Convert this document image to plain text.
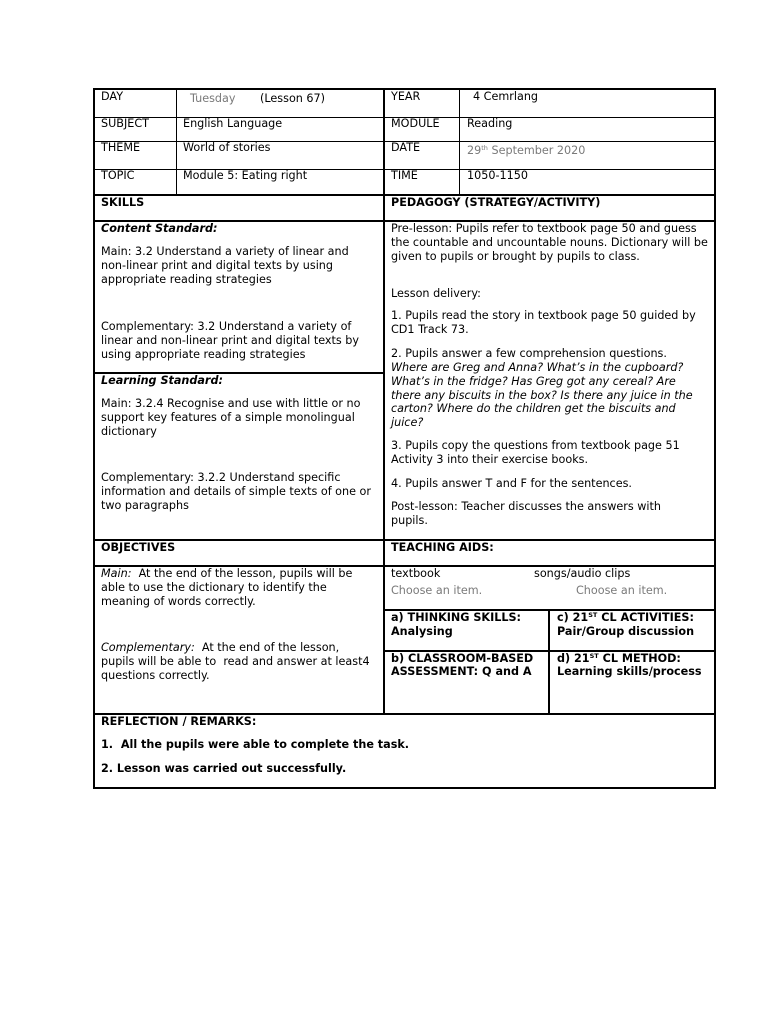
DAY	Tuesday (Lesson 67)	YEAR	4 Cemrlang
SUBJECT	English Language	MODULE Reading
THEME	World of stories	DATE	29th September 2020
TOPIC	Module 5: Eating right	TIME	1050-1150
SKILLS	PEDAGOGY (STRATEGY/ACTIVITY)
Content Standard:
Main: 3.2 Understand a variety of linear and non-linear print and digital texts by using appropriate reading strategies
Complementary: 3.2 Understand a variety of linear and non-linear print and digital texts by using appropriate reading strategies
Learning Standard:
Main: 3.2.4 Recognise and use with little or no support key features of a simple monolingual dictionary
Complementary: 3.2.2 Understand specific information and details of simple texts of one or two paragraphs
Pre-lesson: Pupils refer to textbook page 50 and guess the countable and uncountable nouns. Dictionary will be given to pupils or brought by pupils to class.
Lesson delivery:
1. Pupils read the story in textbook page 50 guided by CD1 Track 73.
2. Pupils answer a few comprehension questions.
Where are Greg and Anna? What’s in the cupboard? What’s in the fridge? Has Greg got any cereal? Are there any biscuits in the box? Is there any juice in the carton? Where do the children get the biscuits and juice?
3. Pupils copy the questions from textbook page 51 Activity 3 into their exercise books.
4. Pupils answer T and F for the sentences.
Post-lesson: Teacher discusses the answers with pupils.
OBJECTIVES	TEACHING AIDS:
Main:  At the end of the lesson, pupils will be able to use the dictionary to identify the meaning of words correctly.
Complementary:  At the end of the lesson, pupils will be able to  read and answer at least4 questions correctly.
textbook	songs/audio clips
Choose an item.	Choose an item.
a) THINKING SKILLS:
Analysing
c) 21ST CL ACTIVITIES:
Pair/Group discussion
b) CLASSROOM-BASED
ASSESSMENT: Q and A
d) 21ST CL METHOD:
Learning skills/process
REFLECTION / REMARKS:
1.  All the pupils were able to complete the task.
2. Lesson was carried out successfully.
